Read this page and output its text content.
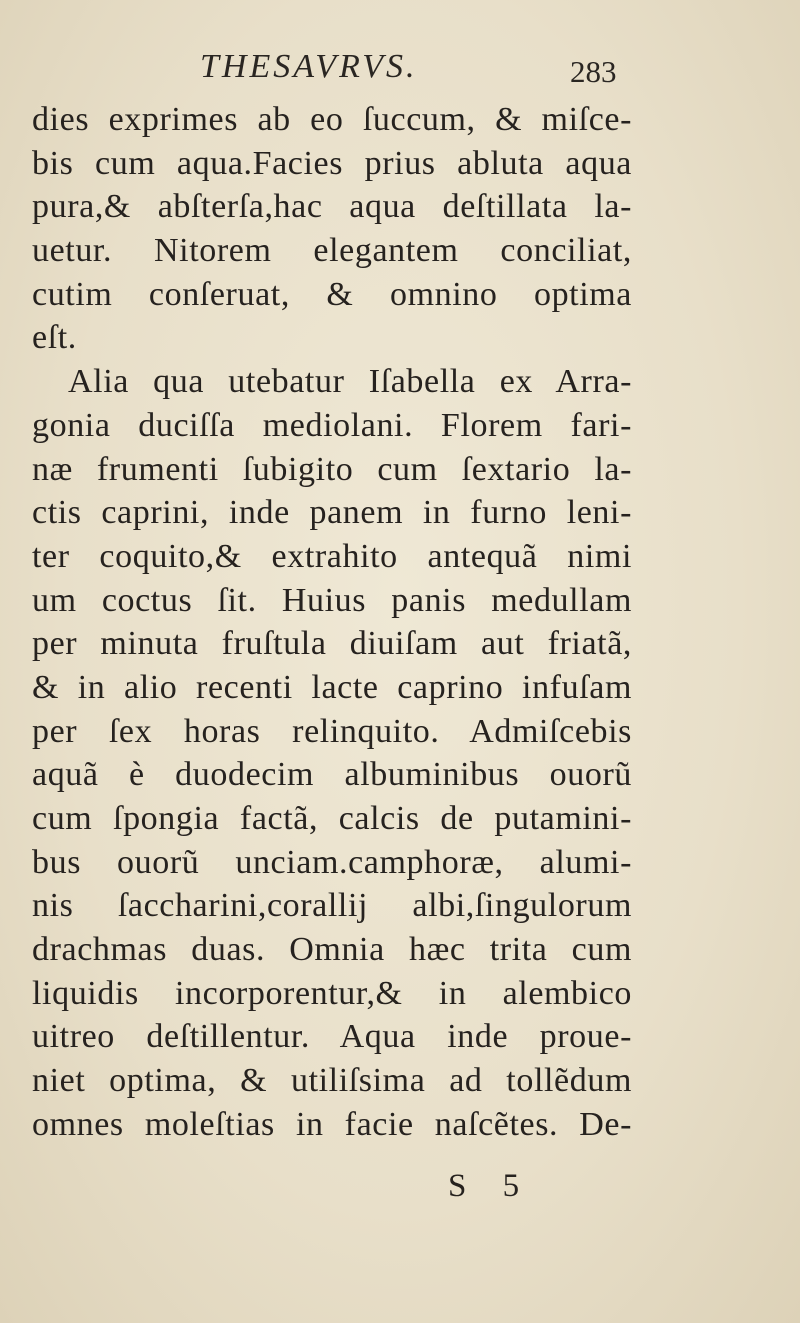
THESAVRVS.	283
dies exprimes ab eo ſuccum, & miſce-
bis cum aqua.Facies prius abluta aqua
pura,& abſterſa,hac aqua deſtillata la-
uetur. Nitorem elegantem conciliat,
cutim conſeruat, & omnino optima
eſt.
Alia qua utebatur Iſabella ex Arra-
gonia duciſſa mediolani. Florem fari-
næ frumenti ſubigito cum ſextario la-
ctis caprini, inde panem in furno leni-
ter coquito,& extrahito antequã nimi
um coctus ſit. Huius panis medullam
per minuta fruſtula diuiſam aut friatã,
& in alio recenti lacte caprino infuſam
per ſex horas relinquito. Admiſcebis
aquã è duodecim albuminibus ouorũ
cum ſpongia factã, calcis de putamini-
bus ouorũ unciam.camphoræ, alumi-
nis ſaccharini,corallij albi,ſingulorum
drachmas duas. Omnia hæc trita cum
liquidis incorporentur,& in alembico
uitreo deſtillentur. Aqua inde proue-
niet optima, & utiliſsima ad tollẽdum
omnes moleſtias in facie naſcẽtes. De-
S 5
